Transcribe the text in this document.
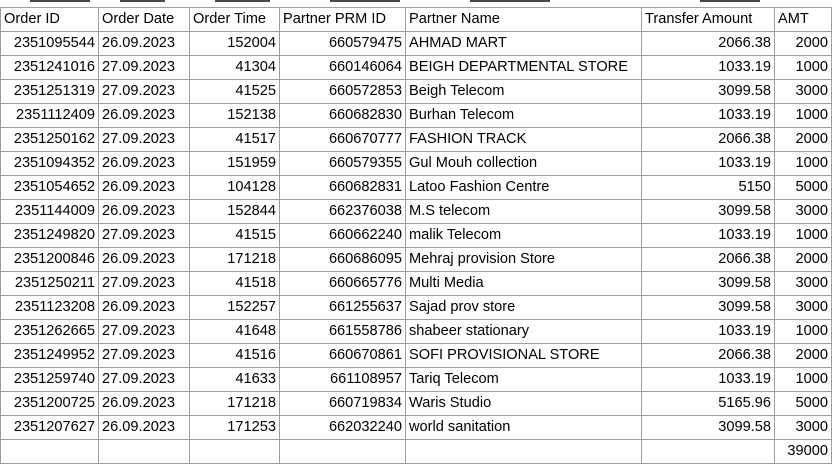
Order ID	Order Date	Order Time	Partner PRM ID	Partner Name	Transfer Amount	AMT
2351095544	26.09.2023	152004	660579475	AHMAD MART	2066.38	2000
2351241016	27.09.2023	41304	660146064	BEIGH DEPARTMENTAL STORE	1033.19	1000
2351251319	27.09.2023	41525	660572853	Beigh Telecom	3099.58	3000
2351112409	26.09.2023	152138	660682830	Burhan Telecom	1033.19	1000
2351250162	27.09.2023	41517	660670777	FASHION TRACK	2066.38	2000
2351094352	26.09.2023	151959	660579355	Gul Mouh collection	1033.19	1000
2351054652	26.09.2023	104128	660682831	Latoo Fashion Centre	5150	5000
2351144009	26.09.2023	152844	662376038	M.S telecom	3099.58	3000
2351249820	27.09.2023	41515	660662240	malik Telecom	1033.19	1000
2351200846	26.09.2023	171218	660686095	Mehraj provision Store	2066.38	2000
2351250211	27.09.2023	41518	660665776	Multi Media	3099.58	3000
2351123208	26.09.2023	152257	661255637	Sajad prov store	3099.58	3000
2351262665	27.09.2023	41648	661558786	shabeer stationary	1033.19	1000
2351249952	27.09.2023	41516	660670861	SOFI PROVISIONAL STORE	2066.38	2000
2351259740	27.09.2023	41633	661108957	Tariq Telecom	1033.19	1000
2351200725	26.09.2023	171218	660719834	Waris Studio	5165.96	5000
2351207627	26.09.2023	171253	662032240	world sanitation	3099.58	3000
						39000
